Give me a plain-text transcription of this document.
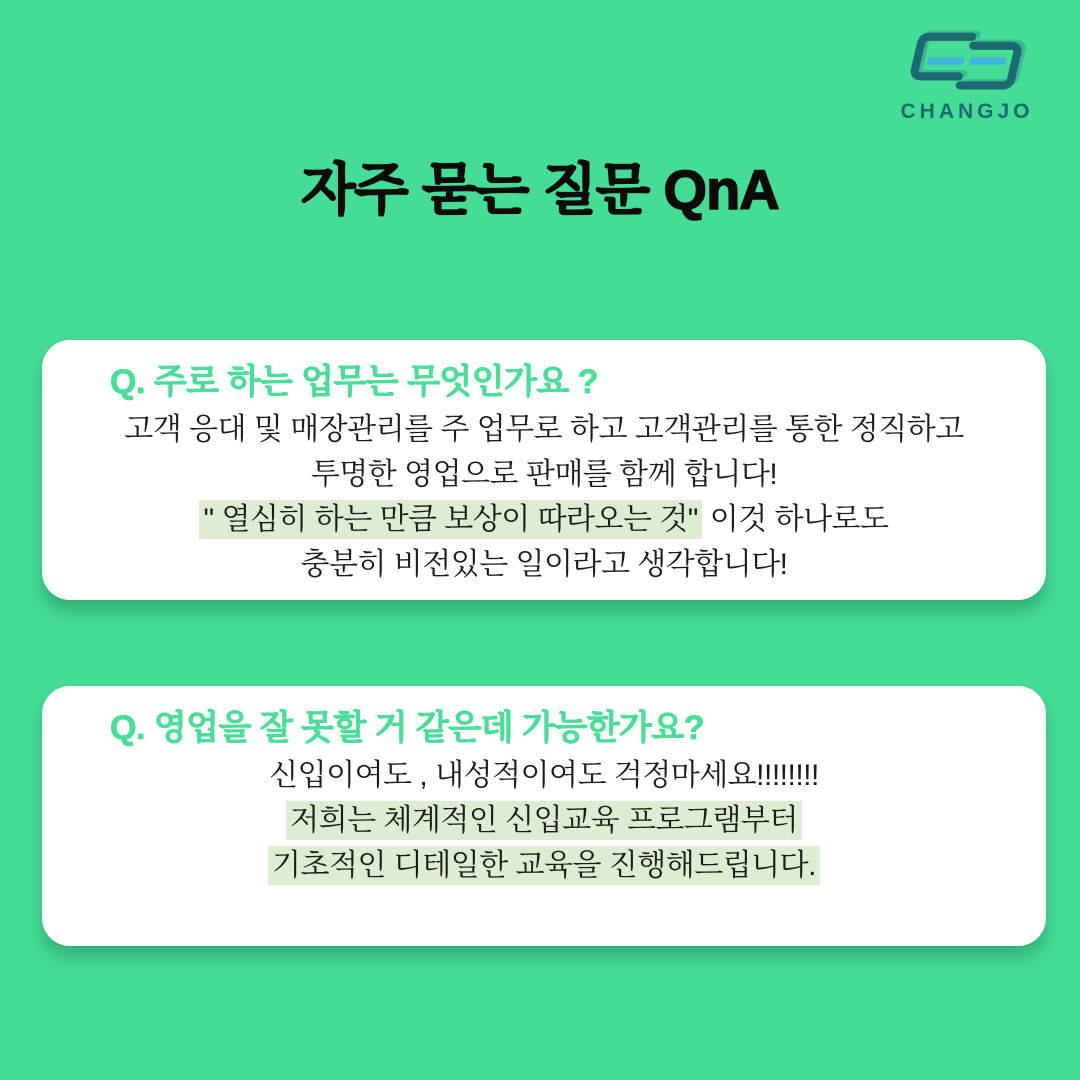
CHANGJO
자주 묻는 질문 QnA
Q. 주로 하는 업무는 무엇인가요 ?

고객 응대 및 매장관리를 주 업무로 하고 고객관리를 통한 정직하고

투명한 영업으로 판매를 함께 합니다!

" 열심히 하는 만큼 보상이 따라오는 것" 이것 하나로도

충분히 비전있는 일이라고 생각합니다!

Q. 영업을 잘 못할 거 같은데 가능한가요?

신입이여도 , 내성적이여도 걱정마세요!!!!!!!!

저희는 체계적인 신입교육 프로그램부터

기초적인 디테일한 교육을 진행해드립니다.
